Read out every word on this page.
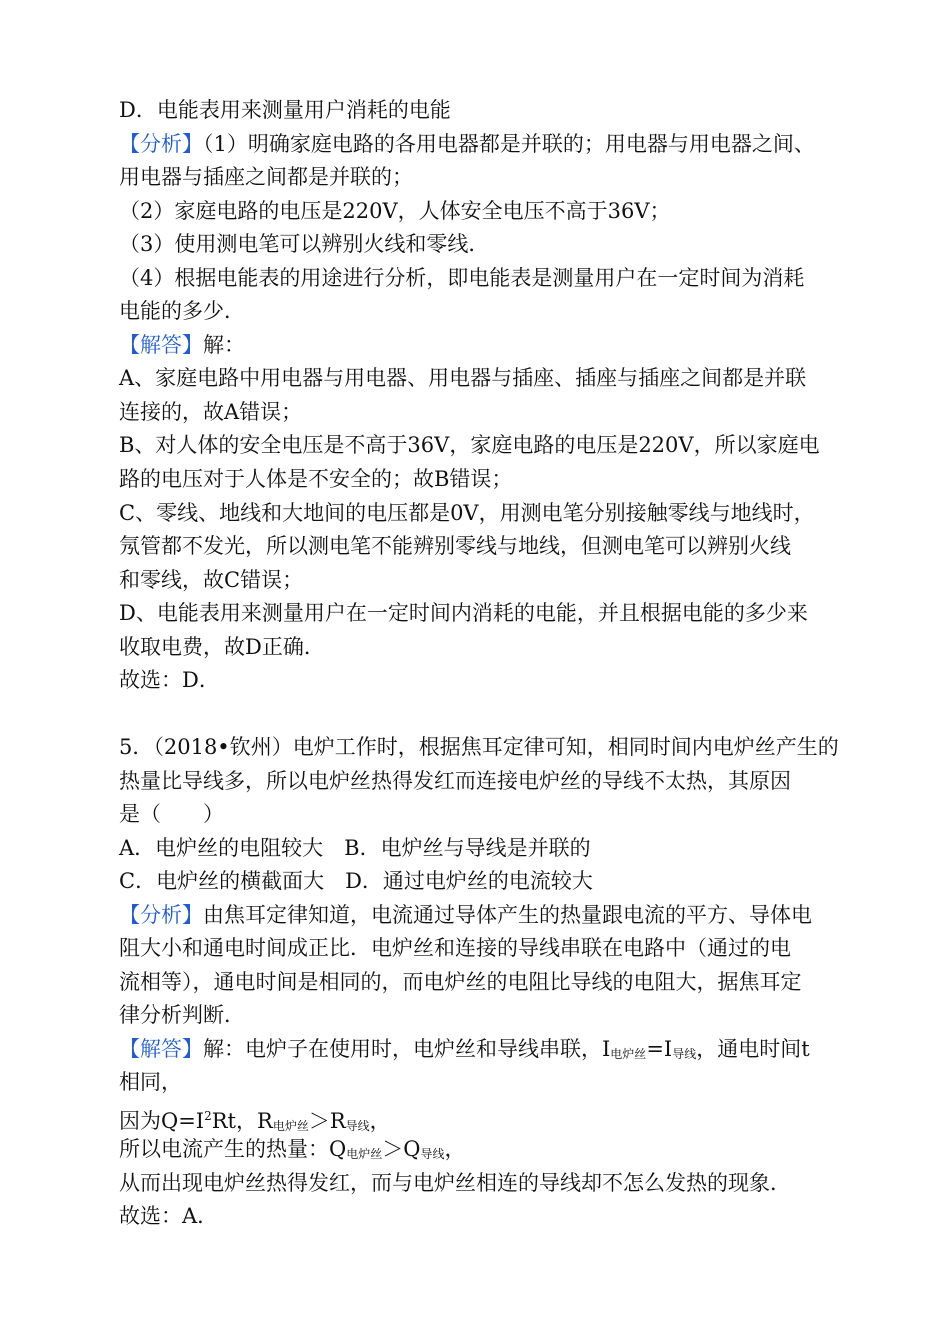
D．电能表用来测量用户消耗的电能
【分析】（1）明确家庭电路的各用电器都是并联的；用电器与用电器之间、
用电器与插座之间都是并联的；
（2）家庭电路的电压是220V，人体安全电压不高于36V；
（3）使用测电笔可以辨别火线和零线．
（4）根据电能表的用途进行分析，即电能表是测量用户在一定时间为消耗
电能的多少．
【解答】解：
A、家庭电路中用电器与用电器、用电器与插座、插座与插座之间都是并联
连接的，故A错误；
B、对人体的安全电压是不高于36V，家庭电路的电压是220V，所以家庭电
路的电压对于人体是不安全的；故B错误；
C、零线、地线和大地间的电压都是0V，用测电笔分别接触零线与地线时，
氖管都不发光，所以测电笔不能辨别零线与地线，但测电笔可以辨别火线
和零线，故C错误；
D、电能表用来测量用户在一定时间内消耗的电能，并且根据电能的多少来
收取电费，故D正确．
故选：D．
5．（2018•钦州）电炉工作时，根据焦耳定律可知，相同时间内电炉丝产生的
热量比导线多，所以电炉丝热得发红而连接电炉丝的导线不太热，其原因
是（　　）
A．电炉丝的电阻较大　B．电炉丝与导线是并联的
C．电炉丝的横截面大　D．通过电炉丝的电流较大
【分析】由焦耳定律知道，电流通过导体产生的热量跟电流的平方、导体电
阻大小和通电时间成正比．电炉丝和连接的导线串联在电路中（通过的电
流相等），通电时间是相同的，而电炉丝的电阻比导线的电阻大，据焦耳定
律分析判断．
【解答】解：电炉子在使用时，电炉丝和导线串联，$I_{电炉丝}=I_{导线}$，通电时间t
相同，
因为$Q=I^2Rt$，$R_{电炉丝}>R_{导线}$，
所以电流产生的热量：$Q_{电炉丝}>Q_{导线}$，
从而出现电炉丝热得发红，而与电炉丝相连的导线却不怎么发热的现象．
故选：A．
